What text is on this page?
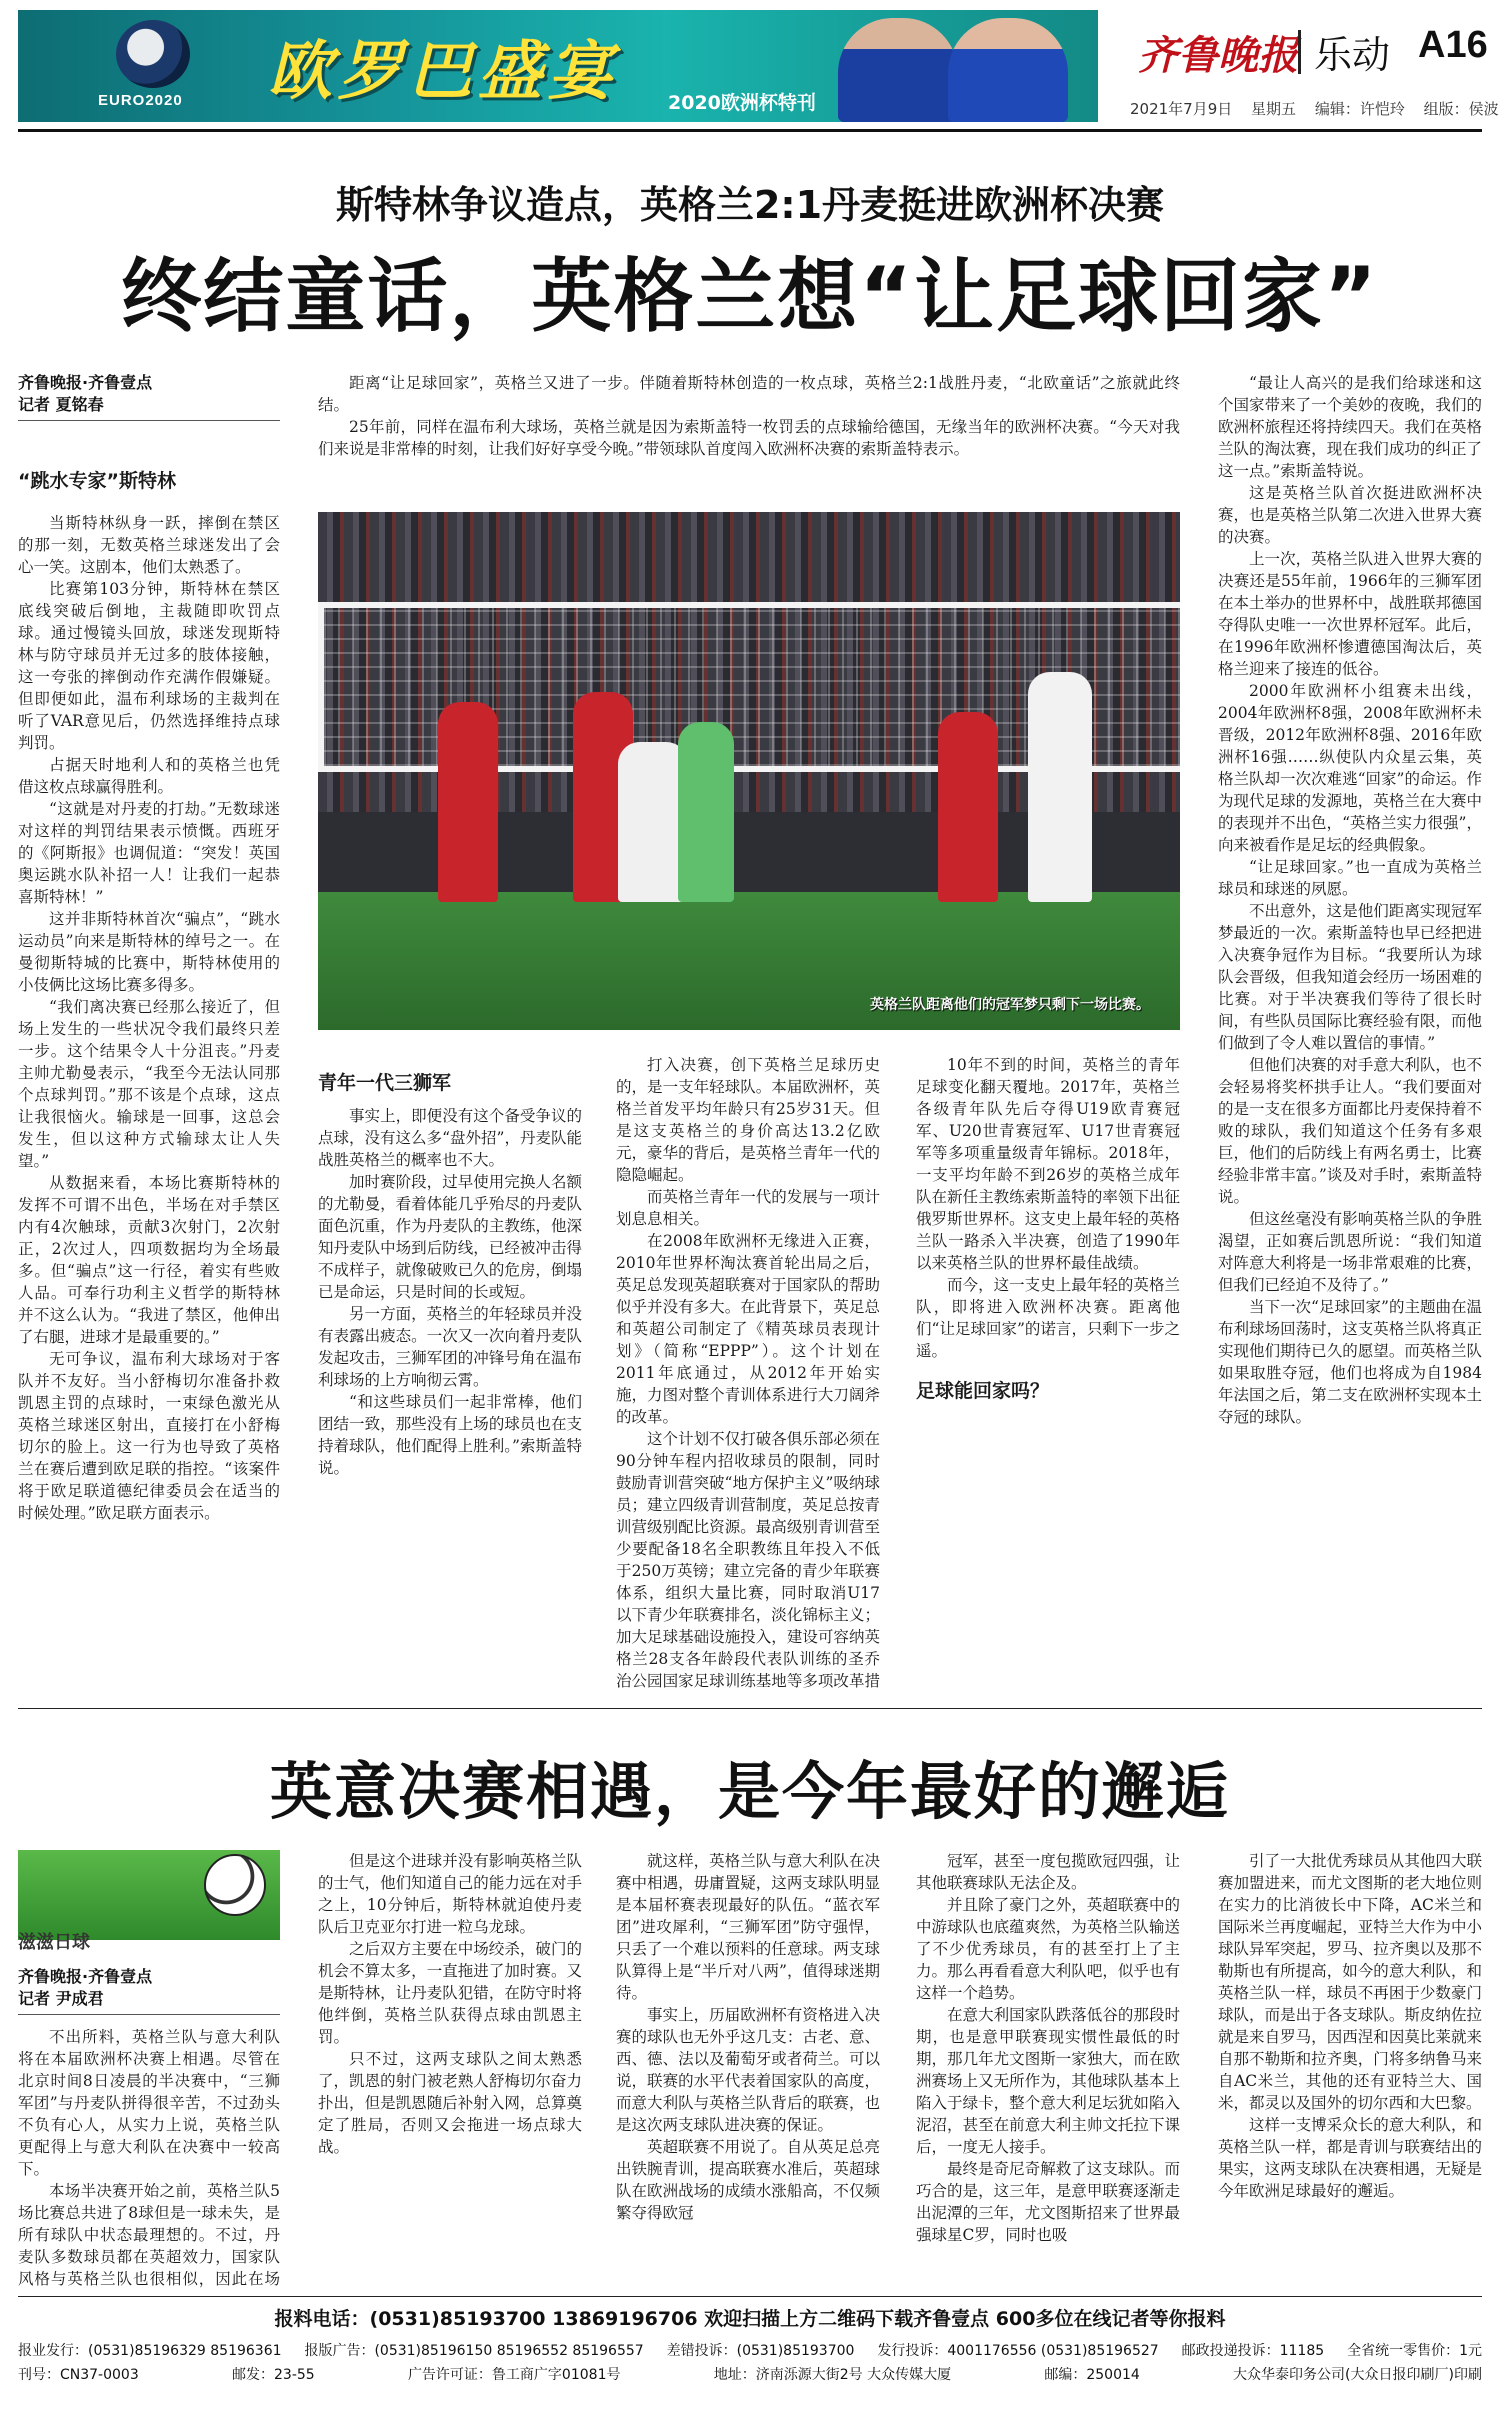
EURO2020 欧罗巴盛宴	2020欧洲杯特刊
齐鲁晚报 乐动 A16
2021年7月9日 星期五 编辑：许恺玲 组版：侯波
斯特林争议造点，英格兰2:1丹麦挺进欧洲杯决赛
终结童话，英格兰想“让足球回家”
齐鲁晚报·齐鲁壹点
记者 夏铭春
“跳水专家”斯特林

当斯特林纵身一跃，摔倒在禁区的那一刻，无数英格兰球迷发出了会心一笑。这剧本，他们太熟悉了。

比赛第103分钟，斯特林在禁区底线突破后倒地，主裁随即吹罚点球。通过慢镜头回放，球迷发现斯特林与防守球员并无过多的肢体接触，这一夸张的摔倒动作充满作假嫌疑。但即便如此，温布利球场的主裁判在听了VAR意见后，仍然选择维持点球判罚。

占据天时地利人和的英格兰也凭借这枚点球赢得胜利。

“这就是对丹麦的打劫。”无数球迷对这样的判罚结果表示愤慨。西班牙的《阿斯报》也调侃道：“突发！英国奥运跳水队补招一人！让我们一起恭喜斯特林！”

这并非斯特林首次“骗点”，“跳水运动员”向来是斯特林的绰号之一。在曼彻斯特城的比赛中，斯特林使用的小伎俩比这场比赛多得多。

“我们离决赛已经那么接近了，但场上发生的一些状况令我们最终只差一步。这个结果令人十分沮丧。”丹麦主帅尤勒曼表示，“我至今无法认同那个点球判罚。”那不该是个点球，这点让我很恼火。输球是一回事，这总会发生，但以这种方式输球太让人失望。”

从数据来看，本场比赛斯特林的发挥不可谓不出色，半场在对手禁区内有4次触球，贡献3次射门，2次射正，2次过人，四项数据均为全场最多。但“骗点”这一行径，着实有些败人品。可奉行功利主义哲学的斯特林并不这么认为。“我进了禁区，他伸出了右腿，进球才是最重要的。”

无可争议，温布利大球场对于客队并不友好。当小舒梅切尔准备扑救凯恩主罚的点球时，一束绿色激光从英格兰球迷区射出，直接打在小舒梅切尔的脸上。这一行为也导致了英格兰在赛后遭到欧足联的指控。“该案件将于欧足联道德纪律委员会在适当的时候处理。”欧足联方面表示。

距离“让足球回家”，英格兰又进了一步。伴随着斯特林创造的一枚点球，英格兰2:1战胜丹麦，“北欧童话”之旅就此终结。

25年前，同样在温布利大球场，英格兰就是因为索斯盖特一枚罚丢的点球输给德国，无缘当年的欧洲杯决赛。“今天对我们来说是非常棒的时刻，让我们好好享受今晚。”带领球队首度闯入欧洲杯决赛的索斯盖特表示。

英格兰队距离他们的冠军梦只剩下一场比赛。

青年一代三狮军

事实上，即便没有这个备受争议的点球，没有这么多“盘外招”，丹麦队能战胜英格兰的概率也不大。

加时赛阶段，过早使用完换人名额的尤勒曼，看着体能几乎殆尽的丹麦队面色沉重，作为丹麦队的主教练，他深知丹麦队中场到后防线，已经被冲击得不成样子，就像破败已久的危房，倒塌已是命运，只是时间的长或短。

另一方面，英格兰的年轻球员并没有表露出疲态。一次又一次向着丹麦队发起攻击，三狮军团的冲锋号角在温布利球场的上方响彻云霄。

“和这些球员们一起非常棒，他们团结一致，那些没有上场的球员也在支持着球队，他们配得上胜利。”索斯盖特说。

打入决赛，创下英格兰足球历史的，是一支年轻球队。本届欧洲杯，英格兰首发平均年龄只有25岁31天。但是这支英格兰的身价高达13.2亿欧元，豪华的背后，是英格兰青年一代的隐隐崛起。

而英格兰青年一代的发展与一项计划息息相关。

在2008年欧洲杯无缘进入正赛，2010年世界杯淘汰赛首轮出局之后，英足总发现英超联赛对于国家队的帮助似乎并没有多大。在此背景下，英足总和英超公司制定了《精英球员表现计划》（简称“EPPP”）。这个计划在2011年底通过，从2012年开始实施，力图对整个青训体系进行大刀阔斧的改革。

这个计划不仅打破各俱乐部必须在90分钟车程内招收球员的限制，同时鼓励青训营突破“地方保护主义”吸纳球员；建立四级青训营制度，英足总按青训营级别配比资源。最高级别青训营至少要配备18名全职教练且年投入不低于250万英镑；建立完备的青少年联赛体系，组织大量比赛，同时取消U17以下青少年联赛排名，淡化锦标主义；加大足球基础设施投入，建设可容纳英格兰28支各年龄段代表队训练的圣乔治公园国家足球训练基地等多项改革措

10年不到的时间，英格兰的青年足球变化翻天覆地。2017年，英格兰各级青年队先后夺得U19欧青赛冠军、U20世青赛冠军、U17世青赛冠军等多项重量级青年锦标。2018年，一支平均年龄不到26岁的英格兰成年队在新任主教练索斯盖特的率领下出征俄罗斯世界杯。这支史上最年轻的英格兰队一路杀入半决赛，创造了1990年以来英格兰队的世界杯最佳战绩。

而今，这一支史上最年轻的英格兰队，即将进入欧洲杯决赛。距离他们“让足球回家”的诺言，只剩下一步之遥。

足球能回家吗？

“最让人高兴的是我们给球迷和这个国家带来了一个美妙的夜晚，我们的欧洲杯旅程还将持续四天。我们在英格兰队的淘汰赛，现在我们成功的纠正了这一点。”索斯盖特说。

这是英格兰队首次挺进欧洲杯决赛，也是英格兰队第二次进入世界大赛的决赛。

上一次，英格兰队进入世界大赛的决赛还是55年前，1966年的三狮军团在本土举办的世界杯中，战胜联邦德国夺得队史唯一一次世界杯冠军。此后，在1996年欧洲杯惨遭德国淘汰后，英格兰迎来了接连的低谷。

2000年欧洲杯小组赛未出线，2004年欧洲杯8强，2008年欧洲杯未晋级，2012年欧洲杯8强、2016年欧洲杯16强……纵使队内众星云集，英格兰队却一次次难逃“回家”的命运。作为现代足球的发源地，英格兰在大赛中的表现并不出色，“英格兰实力很强”，向来被看作是足坛的经典假象。

“让足球回家。”也一直成为英格兰球员和球迷的夙愿。

不出意外，这是他们距离实现冠军梦最近的一次。索斯盖特也早已经把进入决赛争冠作为目标。“我要所认为球队会晋级，但我知道会经历一场困难的比赛。对于半决赛我们等待了很长时间，有些队员国际比赛经验有限，而他们做到了令人难以置信的事情。”

但他们决赛的对手意大利队，也不会轻易将奖杯拱手让人。“我们要面对的是一支在很多方面都比丹麦保持着不败的球队，我们知道这个任务有多艰巨，他们的后防线上有两名勇士，比赛经验非常丰富。”谈及对手时，索斯盖特说。

但这丝毫没有影响英格兰队的争胜渴望，正如赛后凯恩所说：“我们知道对阵意大利将是一场非常艰难的比赛，但我们已经迫不及待了。”

当下一次“足球回家”的主题曲在温布利球场回荡时，这支英格兰队将真正实现他们期待已久的愿望。而英格兰队如果取胜夺冠，他们也将成为自1984年法国之后，第二支在欧洲杯实现本土夺冠的球队。

英意决赛相遇，是今年最好的邂逅
滋滋日球
齐鲁晚报·齐鲁壹点
记者 尹成君

不出所料，英格兰队与意大利队将在本届欧洲杯决赛上相遇。尽管在北京时间8日凌晨的半决赛中，“三狮军团”与丹麦队拼得很辛苦，不过劲头不负有心人，从实力上说，英格兰队更配得上与意大利队在决赛中一较高下。

本场半决赛开始之前，英格兰队5场比赛总共进了8球但是一球未失，是所有球队中状态最理想的。不过，丹麦队多数球员都在英超效力，国家队风格与英格兰队也很相似，因此在场

但是这个进球并没有影响英格兰队的士气，他们知道自己的能力远在对手之上，10分钟后，斯特林就迫使丹麦队后卫克亚尔打进一粒乌龙球。

之后双方主要在中场绞杀，破门的机会不算太多，一直拖进了加时赛。又是斯特林，让丹麦队犯错，在防守时将他绊倒，英格兰队获得点球由凯恩主罚。

只不过，这两支球队之间太熟悉了，凯恩的射门被老熟人舒梅切尔奋力扑出，但是凯恩随后补射入网，总算奠定了胜局，否则又会拖进一场点球大战。

就这样，英格兰队与意大利队在决赛中相遇，毋庸置疑，这两支球队明显是本届杯赛表现最好的队伍。“蓝衣军团”进攻犀利，“三狮军团”防守强悍，只丢了一个难以预料的任意球。两支球队算得上是“半斤对八两”，值得球迷期待。

事实上，历届欧洲杯有资格进入决赛的球队也无外乎这几支：古老、意、西、德、法以及葡萄牙或者荷兰。可以说，联赛的水平代表着国家队的高度，而意大利队与英格兰队背后的联赛，也是这次两支球队进决赛的保证。

英超联赛不用说了。自从英足总亮出铁腕青训，提高联赛水准后，英超球队在欧洲战场的成绩水涨船高，不仅频繁夺得欧冠

冠军，甚至一度包揽欧冠四强，让其他联赛球队无法企及。

并且除了豪门之外，英超联赛中的中游球队也底蕴爽然，为英格兰队输送了不少优秀球员，有的甚至打上了主力。那么再看看意大利队吧，似乎也有这样一个趋势。

在意大利国家队跌落低谷的那段时期，也是意甲联赛现实惯性最低的时期，那几年尤文图斯一家独大，而在欧洲赛场上又无所作为，其他球队基本上陷入于绿卡，整个意大利足坛犹如陷入泥沼，甚至在前意大利主帅文托拉下课后，一度无人接手。

最终是奇尼奇解救了这支球队。而巧合的是，这三年，是意甲联赛逐渐走出泥潭的三年，尤文图斯招来了世界最强球星C罗，同时也吸

引了一大批优秀球员从其他四大联赛加盟进来，而尤文图斯的老大地位则在实力的比消彼长中下降，AC米兰和国际米兰再度崛起，亚特兰大作为中小球队异军突起，罗马、拉齐奥以及那不勒斯也有所提高，如今的意大利队，和英格兰队一样，球员不再困于少数豪门球队，而是出于各支球队。斯皮纳佐拉就是来自罗马，因西涅和因莫比莱就来自那不勒斯和拉齐奥，门将多纳鲁马来自AC米兰，其他的还有亚特兰大、国米，都灵以及国外的切尔西和大巴黎。

这样一支博采众长的意大利队，和英格兰队一样，都是青训与联赛结出的果实，这两支球队在决赛相遇，无疑是今年欧洲足球最好的邂逅。

报料电话：(0531)85193700 13869196706 欢迎扫描上方二维码下载齐鲁壹点 600多位在线记者等你报料
报业发行：(0531)85196329 85196361 报版广告：(0531)85196150 85196552 85196557 差错投诉：(0531)85193700 发行投诉：4001176556 (0531)85196527 邮政投递投诉：11185 全省统一零售价：1元
刊号：CN37-0003	邮发：23-55	广告许可证：鲁工商广字01081号	地址：济南泺源大街2号 大众传媒大厦	邮编：250014	大众华泰印务公司(大众日报印刷厂)印刷
